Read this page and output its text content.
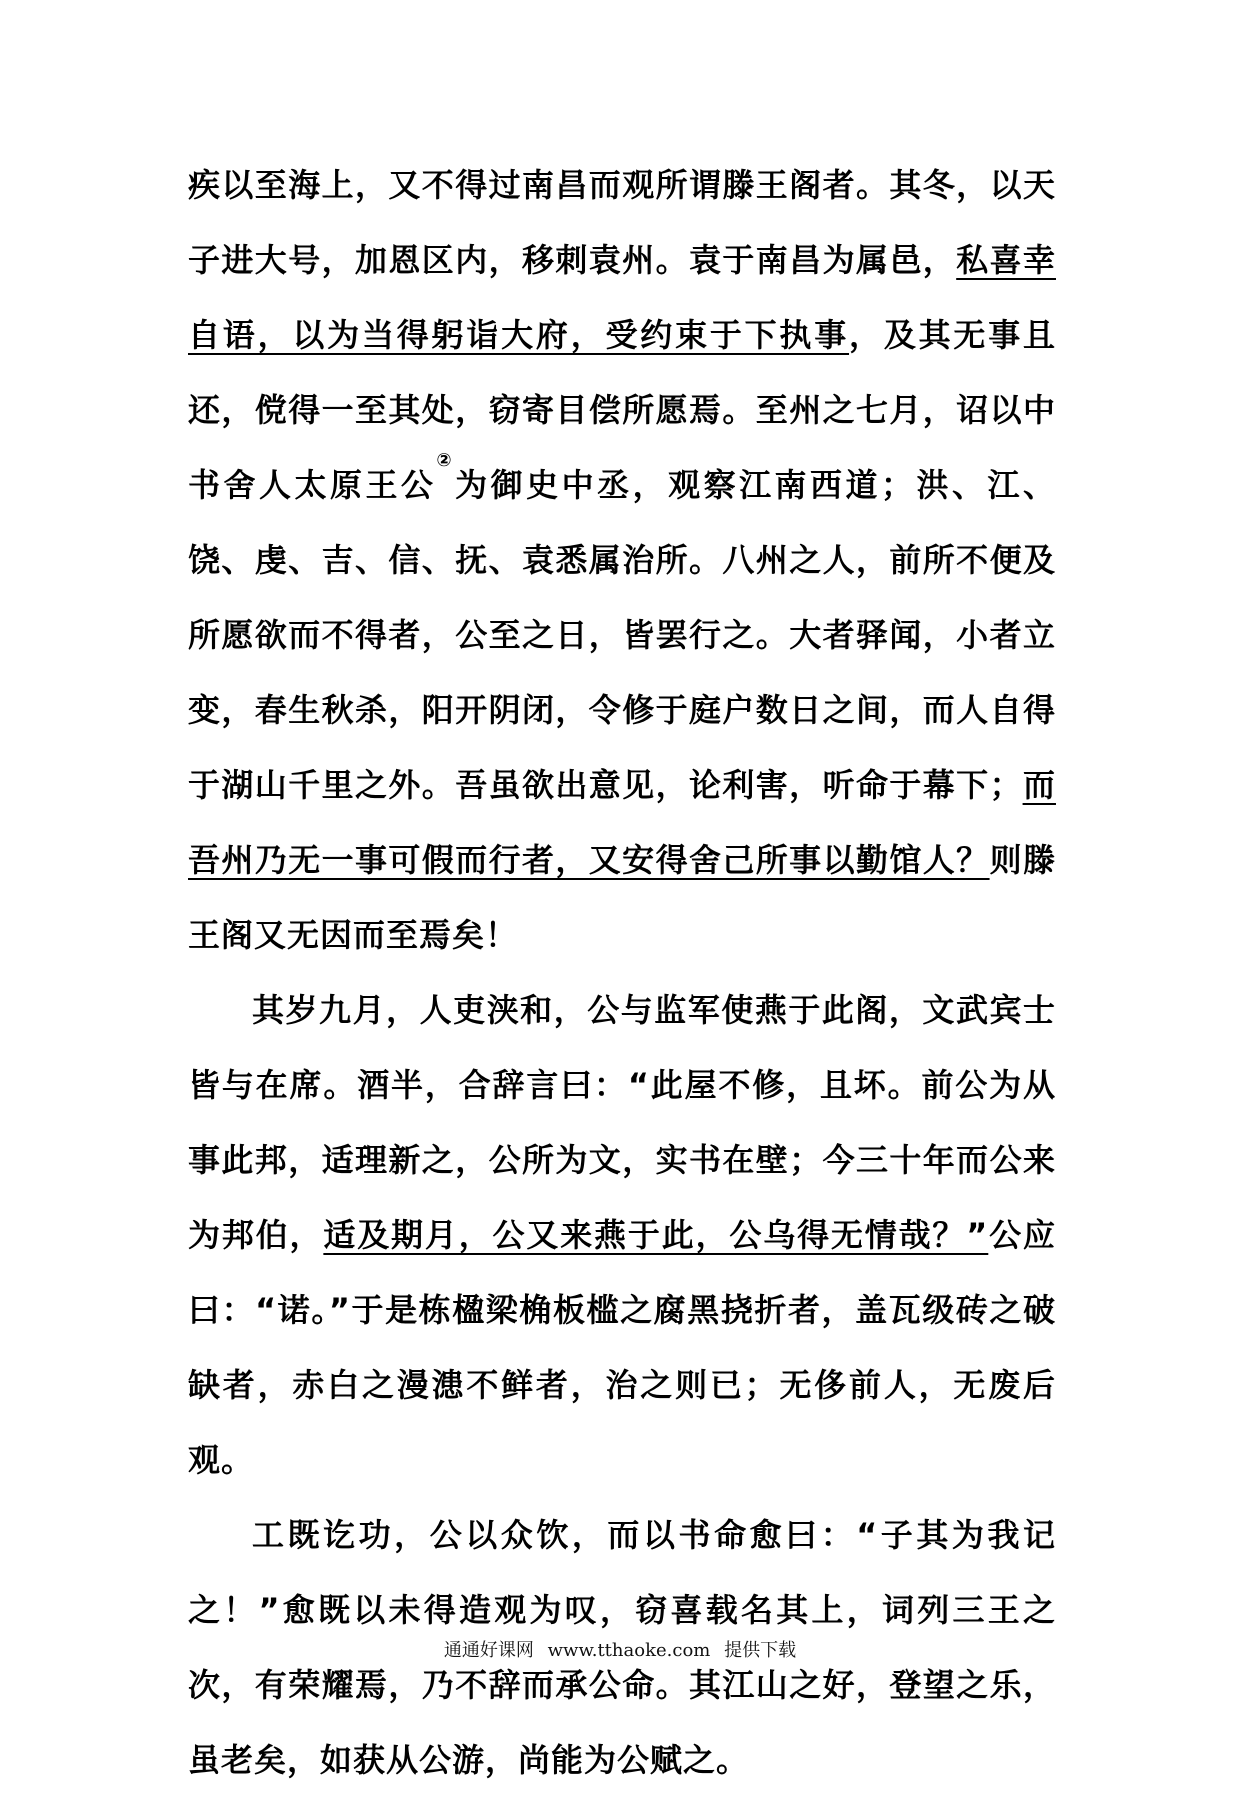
疾以至海上，又不得过南昌而观所谓滕王阁者。其冬，以天子进大号，加恩区内，移刺袁州。袁于南昌为属邑，私喜幸自语，以为当得躬诣大府，受约束于下执事，及其无事且还，傥得一至其处，窃寄目偿所愿焉。至州之七月，诏以中书舍人太原王公②为御史中丞，观察江南西道；洪、江、饶、虔、吉、信、抚、袁悉属治所。八州之人，前所不便及所愿欲而不得者，公至之日，皆罢行之。大者驿闻，小者立变，春生秋杀，阳开阴闭，令修于庭户数日之间，而人自得于湖山千里之外。吾虽欲出意见，论利害，听命于幕下；而吾州乃无一事可假而行者，又安得舍己所事以勤馆人？则滕王阁又无因而至焉矣！

其岁九月，人吏浃和，公与监军使燕于此阁，文武宾士皆与在席。酒半，合辞言曰：“此屋不修，且坏。前公为从事此邦，适理新之，公所为文，实书在壁；今三十年而公来为邦伯，适及期月，公又来燕于此，公乌得无情哉？”公应曰：“诺。”于是栋楹梁桷板槛之腐黑挠折者，盖瓦级砖之破缺者，赤白之漫漶不鲜者，治之则已；无侈前人，无废后观。

工既讫功，公以众饮，而以书命愈曰：“子其为我记之！”愈既以未得造观为叹，窃喜载名其上，词列三王之次，有荣耀焉，乃不辞而承公命。其江山之好，登望之乐，虽老矣，如获从公游，尚能为公赋之。

通通好课网 www.tthaoke.com 提供下载
